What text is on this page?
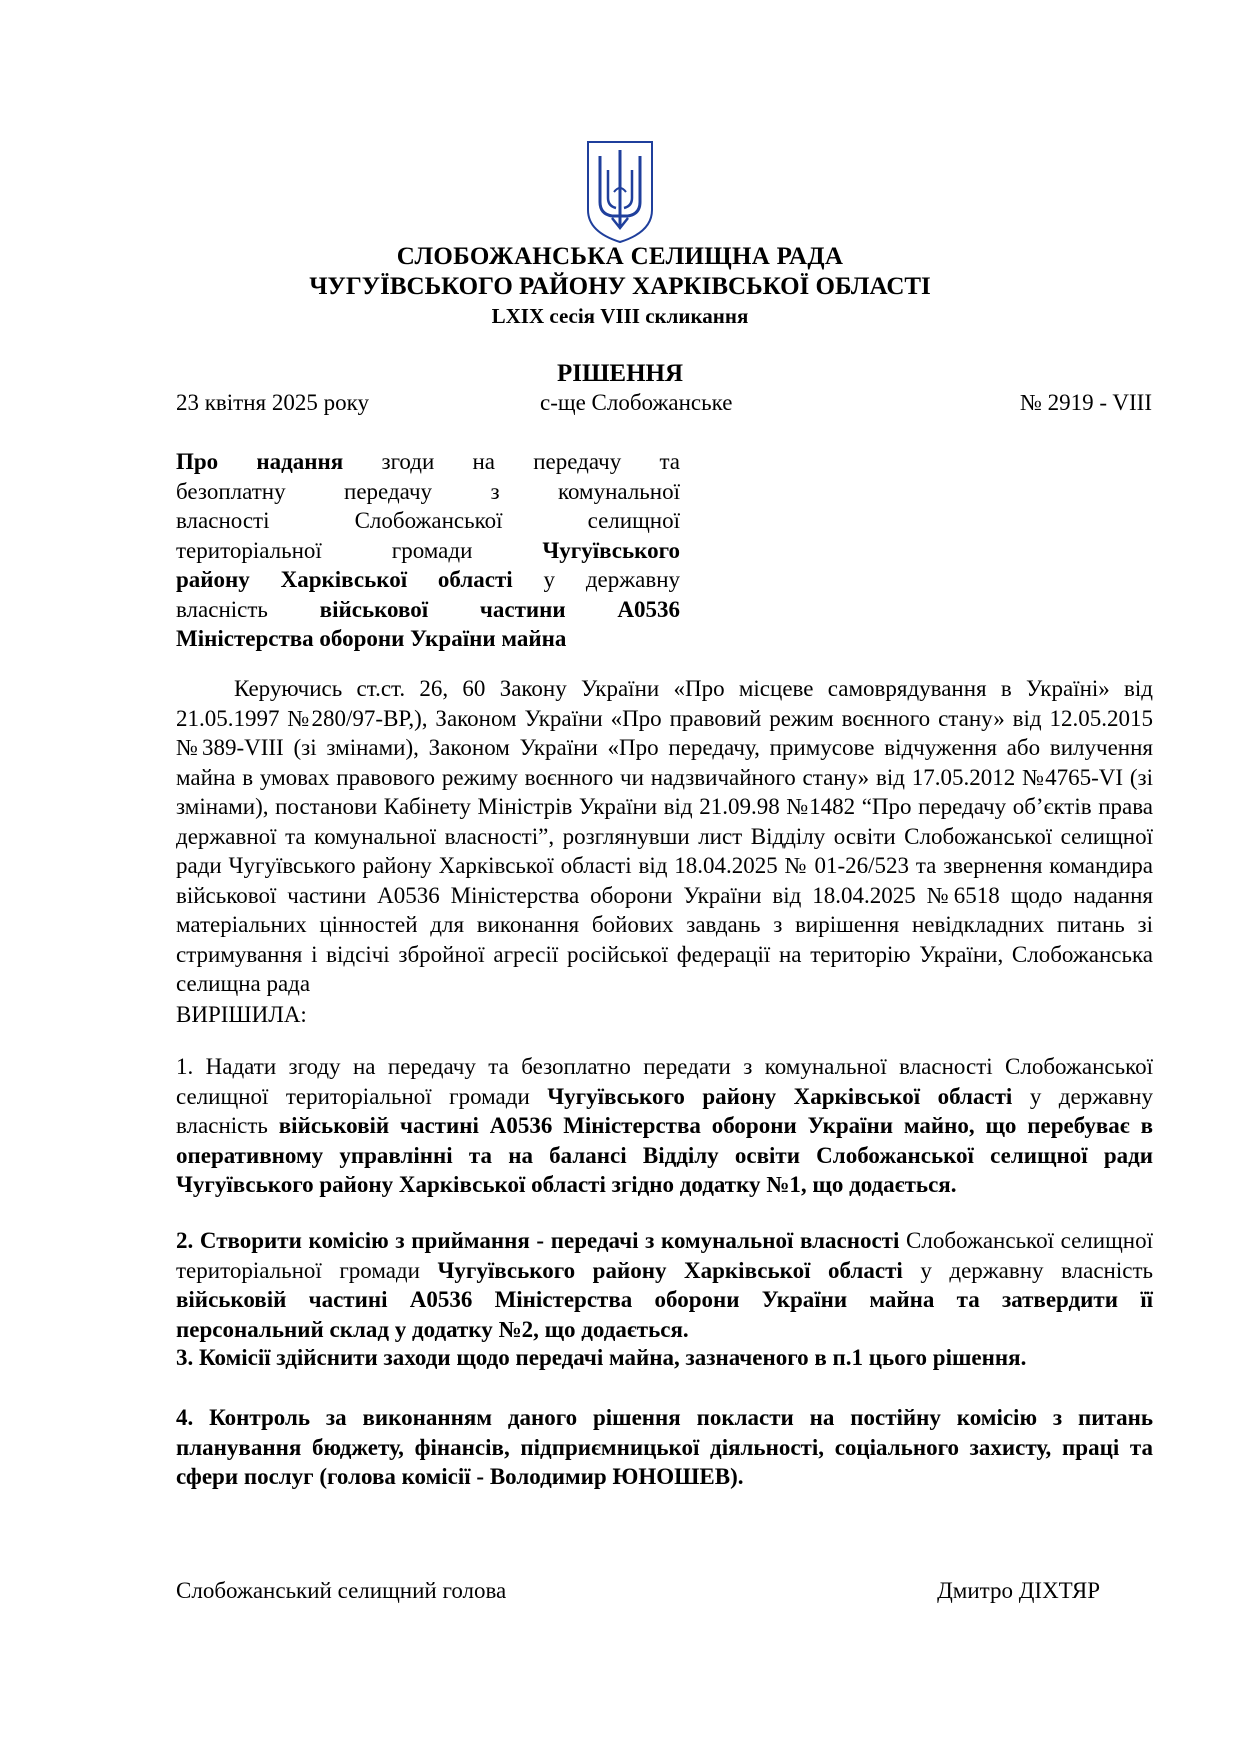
СЛОБОЖАНСЬКА СЕЛИЩНА РАДА
ЧУГУЇВСЬКОГО РАЙОНУ ХАРКІВСЬКОЇ ОБЛАСТІ
LXIX сесія VIII скликання
РІШЕННЯ
23 квітня 2025 року	с-ще Слобожанське	№ 2919 - VIII
Про надання згоди на передачу та
безоплатну передачу з комунальної
власності Слобожанської селищної
територіальної громади Чугуївського
району Харківської області у державну
власність військової частини А0536
Міністерства оборони України майна
Керуючись ст.ст. 26, 60 Закону України «Про місцеве самоврядування в Україні» від 21.05.1997 №280/97-ВР,), Законом України «Про правовий режим воєнного стану» від 12.05.2015 №389-VIII (зі змінами), Законом України «Про передачу, примусове відчуження або вилучення майна в умовах правового режиму воєнного чи надзвичайного стану» від 17.05.2012 №4765-VI (зі змінами), постанови Кабінету Міністрів України від 21.09.98 №1482 “Про передачу об’єктів права державної та комунальної власності”, розглянувши лист Відділу освіти Слобожанської селищної ради Чугуївського району Харківської області від 18.04.2025 № 01-26/523 та звернення командира військової частини А0536 Міністерства оборони України від 18.04.2025 №6518 щодо надання матеріальних цінностей для виконання бойових завдань з вирішення невідкладних питань зі стримування і відсічі збройної агресії російської федерації на територію України, Слобожанська селищна рада
ВИРІШИЛА:
1. Надати згоду на передачу та безоплатно передати з комунальної власності Слобожанської селищної територіальної громади Чугуївського району Харківської області у державну власність військовій частині А0536 Міністерства оборони України майно, що перебуває в оперативному управлінні та на балансі Відділу освіти Слобожанської селищної ради Чугуївського району Харківської області згідно додатку №1, що додається.
2. Створити комісію з приймання - передачі з комунальної власності Слобожанської селищної територіальної громади Чугуївського району Харківської області у державну власність військовій частині А0536 Міністерства оборони України майна та затвердити її персональний склад у додатку №2, що додається.
3. Комісії здійснити заходи щодо передачі майна, зазначеного в п.1 цього рішення.
4. Контроль за виконанням даного рішення покласти на постійну комісію з питань планування бюджету, фінансів, підприємницької діяльності, соціального захисту, праці та сфери послуг (голова комісії - Володимир ЮНОШЕВ).
Слобожанський селищний голова	Дмитро ДІХТЯР
